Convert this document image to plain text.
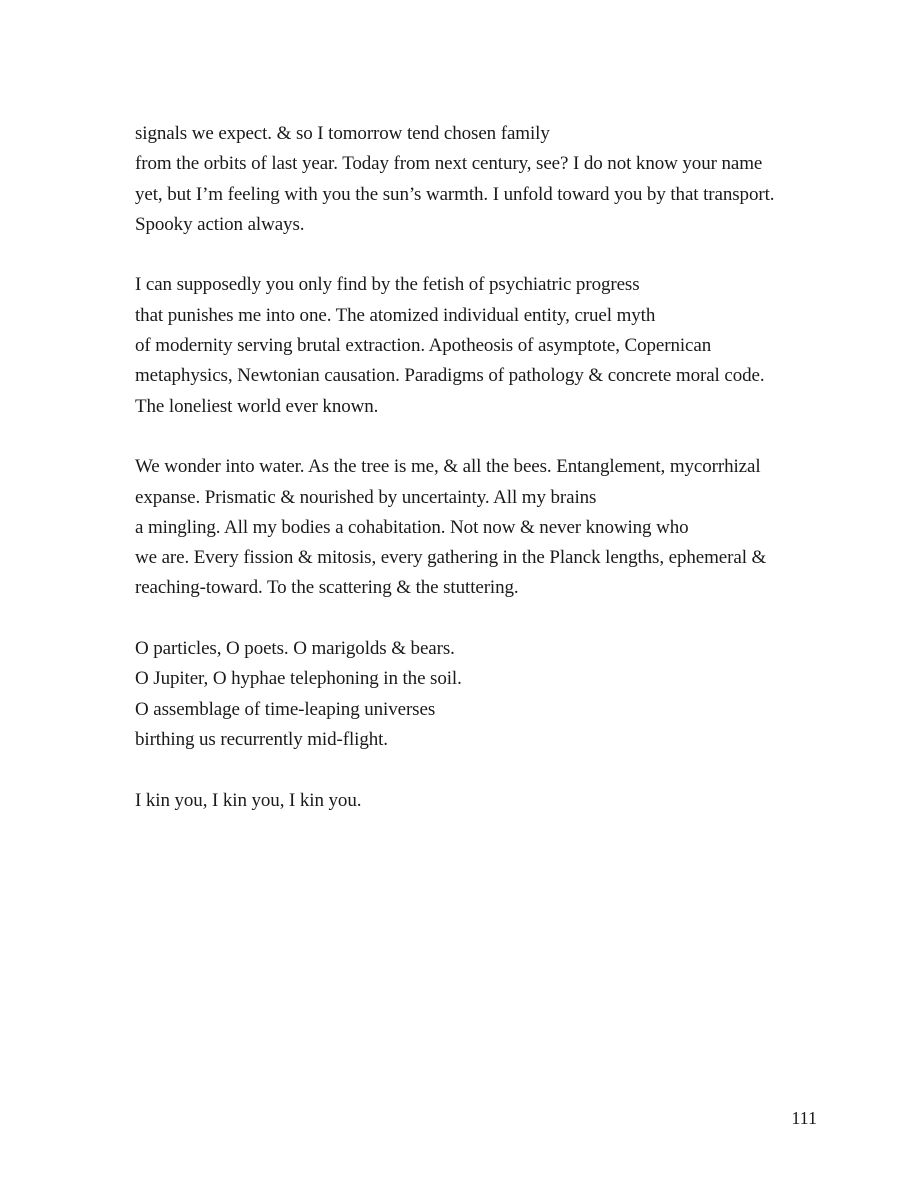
signals we expect. & so I tomorrow tend chosen family
from the orbits of last year. Today from next century, see? I do not know your name
yet, but I’m feeling with you the sun’s warmth. I unfold toward you by that transport.
Spooky action always.
I can supposedly you only find by the fetish of psychiatric progress
that punishes me into one. The atomized individual entity, cruel myth
of modernity serving brutal extraction. Apotheosis of asymptote, Copernican
metaphysics, Newtonian causation. Paradigms of pathology & concrete moral code.
The loneliest world ever known.
We wonder into water. As the tree is me, & all the bees. Entanglement, mycorrhizal
expanse. Prismatic & nourished by uncertainty. All my brains
a mingling. All my bodies a cohabitation. Not now & never knowing who
we are. Every fission & mitosis, every gathering in the Planck lengths, ephemeral &
reaching-toward. To the scattering & the stuttering.
O particles, O poets. O marigolds & bears.
O Jupiter, O hyphae telephoning in the soil.
O assemblage of time-leaping universes
birthing us recurrently mid-flight.
I kin you, I kin you, I kin you.
111
